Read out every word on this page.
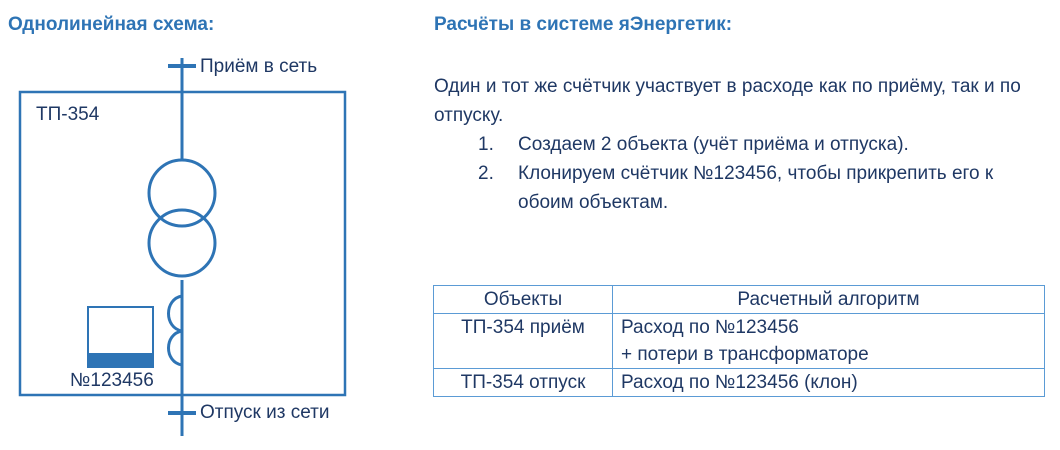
Однолинейная схема:	Расчёты в системе яЭнергетик:
Приём в сеть
ТП-354
№123456
Отпуск из сети
Один и тот же счётчик участвует в расходе как по приёму, так и по отпуску.
1. Создаем 2 объекта (учёт приёма и отпуска).
2. Клонируем счётчик №123456, чтобы прикрепить его к обоим объектам.
Объекты	Расчетный алгоритм
ТП-354 приём	Расход по №123456
+ потери в трансформаторе

ТП-354 отпуск	Расход по №123456 (клон)
